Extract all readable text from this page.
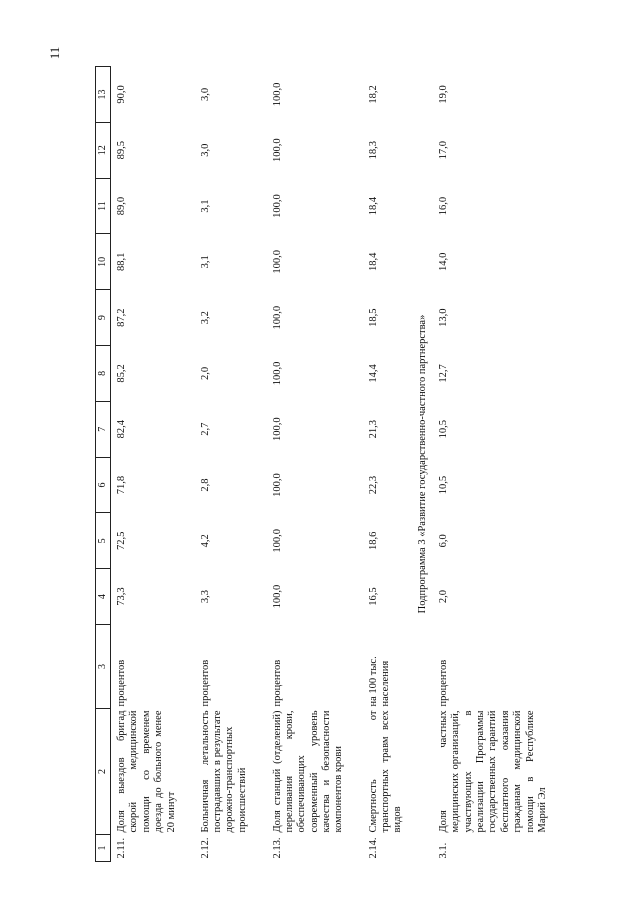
11
1	2	3	4	5	6	7	8	9	10	11	12	13
2.11.	Доля выездов бригад скорой медицинской помощи со временем доезда до больного менее 20 минут	процентов	73,3	72,5	71,8	82,4	85,2	87,2	88,1	89,0	89,5	90,0
2.12.	Больничная летальность пострадавших в результате дорожно-транспортных происшествий	процентов	3,3	4,2	2,8	2,7	2,0	3,2	3,1	3,1	3,0	3,0
2.13.	Доля станций (отделений) переливания крови, обеспечивающих современный уровень качества и безопасности компонентов крови	процентов	100,0	100,0	100,0	100,0	100,0	100,0	100,0	100,0	100,0	100,0
2.14.	Смертность от транспортных травм всех видов	на 100 тыс. населения	16,5	18,6	22,3	21,3	14,4	18,5	18,4	18,4	18,3	18,2
Подпрограмма 3 «Развитие государственно-частного партнерства»												
3.1.	Доля частных медицинских организаций, участвующих в реализации Программы государственных гарантий бесплатного оказания гражданам медицинской помощи в Республике Марий Эл	процентов	2,0	6,0	10,5	10,5	12,7	13,0	14,0	16,0	17,0	19,0
